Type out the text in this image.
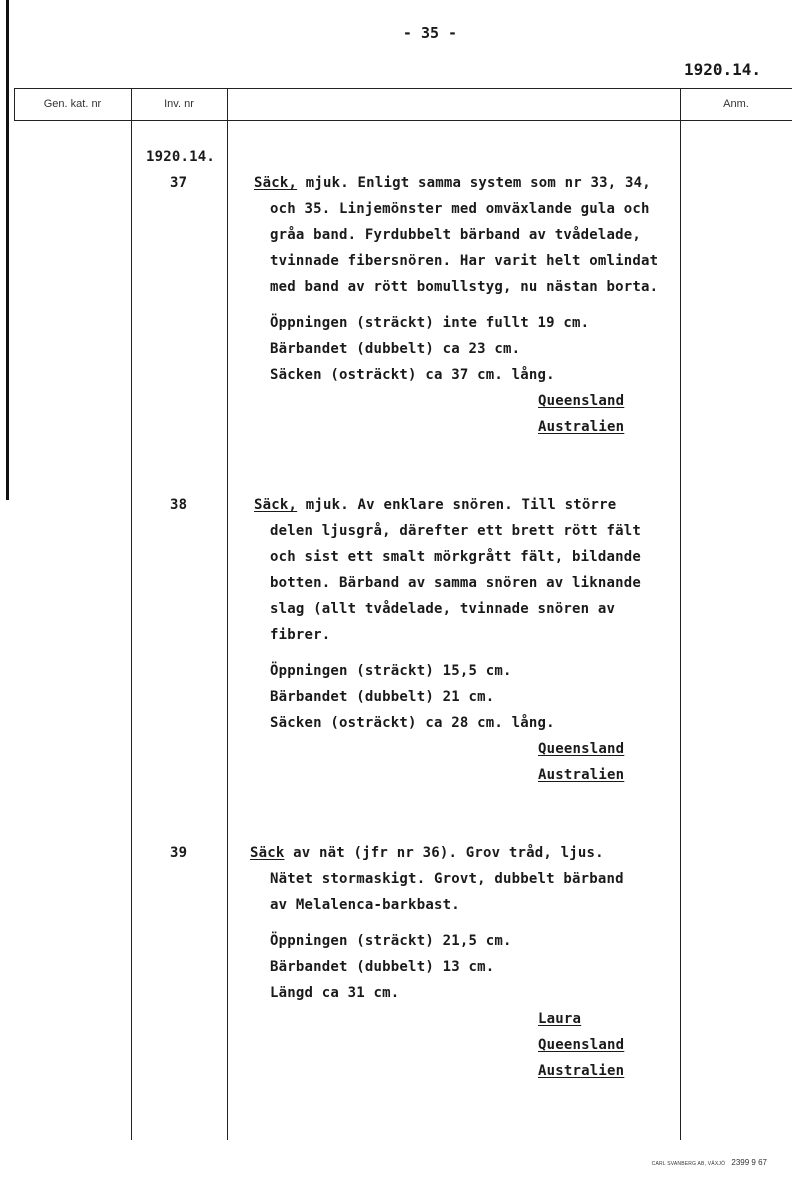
- 35 -
1920.14.
Gen. kat. nr	Inv. nr	Anm.
1920.14.
37	Säck, mjuk. Enligt samma system som nr 33, 34,
och 35. Linjemönster med omväxlande gula och
gråa band. Fyrdubbelt bärband av tvådelade,
tvinnade fibersnören. Har varit helt omlindat
med band av rött bomullstyg, nu nästan borta.
Öppningen (sträckt) inte fullt 19 cm.
Bärbandet (dubbelt) ca 23 cm.
Säcken (osträckt) ca 37 cm. lång.
Queensland
Australien
38	Säck, mjuk. Av enklare snören. Till större
delen ljusgrå, därefter ett brett rött fält
och sist ett smalt mörkgrått fält, bildande
botten. Bärband av samma snören av liknande
slag (allt tvådelade, tvinnade snören av
fibrer.
Öppningen (sträckt) 15,5 cm.
Bärbandet (dubbelt) 21 cm.
Säcken (osträckt) ca 28 cm. lång.
Queensland
Australien
39	Säck av nät (jfr nr 36). Grov tråd, ljus.
Nätet stormaskigt. Grovt, dubbelt bärband
av Melalenca-barkbast.
Öppningen (sträckt) 21,5 cm.
Bärbandet (dubbelt) 13 cm.
Längd ca 31 cm.
Laura
Queensland
Australien
CARL SVANBERG AB, VÄXJÖ 2399 9 67
